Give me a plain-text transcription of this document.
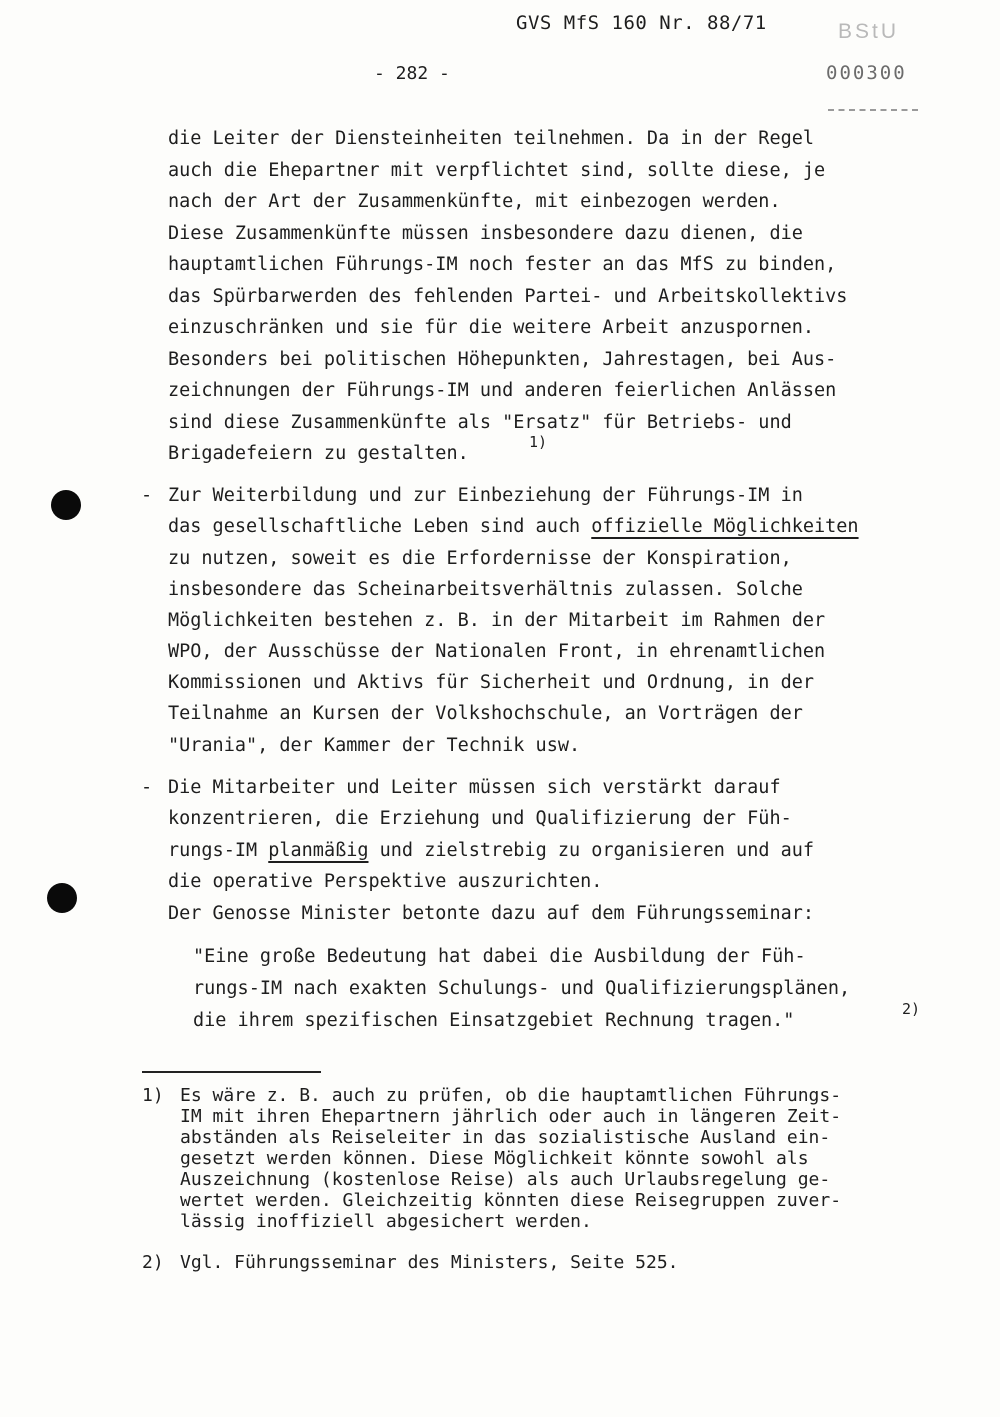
GVS MfS 160 Nr. 88/71
- 282 -
BStU
000300
die Leiter der Diensteinheiten teilnehmen. Da in der Regel
auch die Ehepartner mit verpflichtet sind, sollte diese, je
nach der Art der Zusammenkünfte, mit einbezogen werden.
Diese Zusammenkünfte müssen insbesondere dazu dienen, die
hauptamtlichen Führungs-IM noch fester an das MfS zu binden,
das Spürbarwerden des fehlenden Partei- und Arbeitskollektivs
einzuschränken und sie für die weitere Arbeit anzuspornen.
Besonders bei politischen Höhepunkten, Jahrestagen, bei Aus-
zeichnungen der Führungs-IM und anderen feierlichen Anlässen
sind diese Zusammenkünfte als "Ersatz" für Betriebs- und
Brigadefeiern zu gestalten.
1)
- Zur Weiterbildung und zur Einbeziehung der Führungs-IM in
das gesellschaftliche Leben sind auch offizielle Möglichkeiten
zu nutzen, soweit es die Erfordernisse der Konspiration,
insbesondere das Scheinarbeitsverhältnis zulassen. Solche
Möglichkeiten bestehen z. B. in der Mitarbeit im Rahmen der
WPO, der Ausschüsse der Nationalen Front, in ehrenamtlichen
Kommissionen und Aktivs für Sicherheit und Ordnung, in der
Teilnahme an Kursen der Volkshochschule, an Vorträgen der
"Urania", der Kammer der Technik usw.
- Die Mitarbeiter und Leiter müssen sich verstärkt darauf
konzentrieren, die Erziehung und Qualifizierung der Füh-
rungs-IM planmäßig und zielstrebig zu organisieren und auf
die operative Perspektive auszurichten.
Der Genosse Minister betonte dazu auf dem Führungsseminar:
"Eine große Bedeutung hat dabei die Ausbildung der Füh-
rungs-IM nach exakten Schulungs- und Qualifizierungsplänen,
die ihrem spezifischen Einsatzgebiet Rechnung tragen."
2)
1) Es wäre z. B. auch zu prüfen, ob die hauptamtlichen Führungs-
IM mit ihren Ehepartnern jährlich oder auch in längeren Zeit-
abständen als Reiseleiter in das sozialistische Ausland ein-
gesetzt werden können. Diese Möglichkeit könnte sowohl als
Auszeichnung (kostenlose Reise) als auch Urlaubsregelung ge-
wertet werden. Gleichzeitig könnten diese Reisegruppen zuver-
lässig inoffiziell abgesichert werden.
2) Vgl. Führungsseminar des Ministers, Seite 525.
